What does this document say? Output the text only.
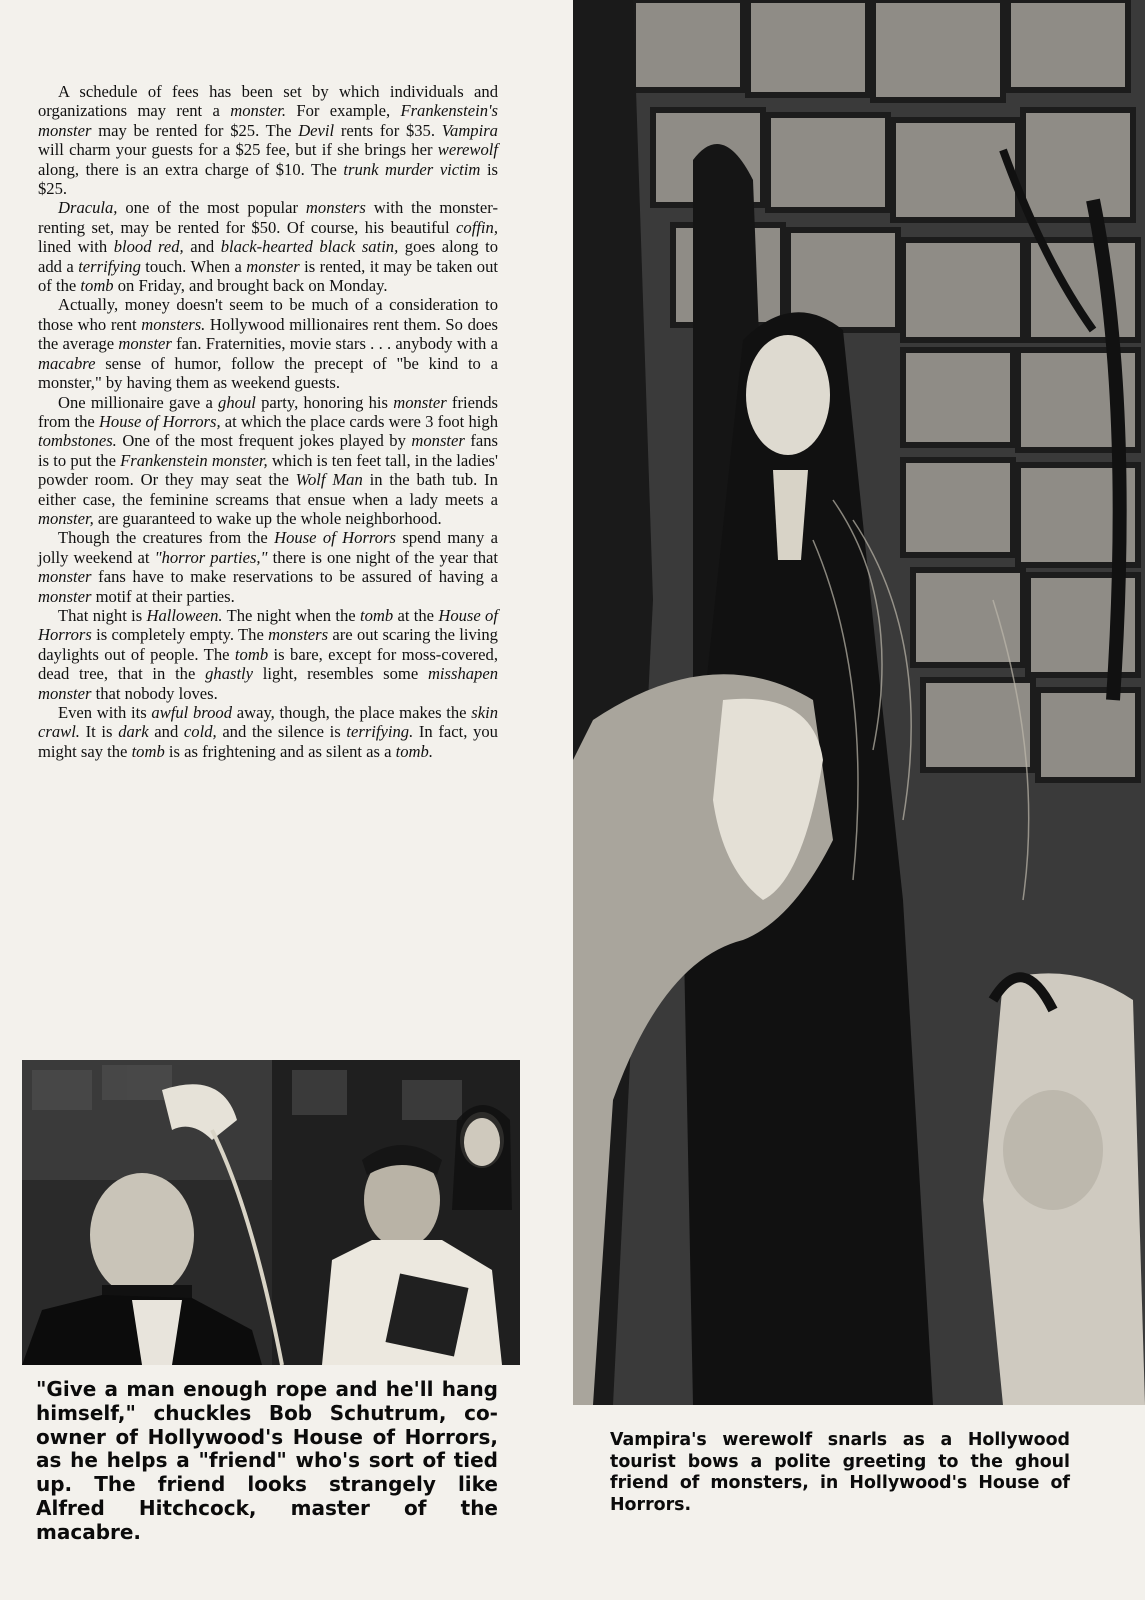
A schedule of fees has been set by which individuals and organizations may rent a monster. For example, Frankenstein's monster may be rented for $25. The Devil rents for $35. Vampira will charm your guests for a $25 fee, but if she brings her werewolf along, there is an extra charge of $10. The trunk murder victim is $25.

Dracula, one of the most popular monsters with the monster-renting set, may be rented for $50. Of course, his beautiful coffin, lined with blood red, and black-hearted black satin, goes along to add a terrifying touch. When a monster is rented, it may be taken out of the tomb on Friday, and brought back on Monday.

Actually, money doesn't seem to be much of a consideration to those who rent monsters. Hollywood millionaires rent them. So does the average monster fan. Fraternities, movie stars . . . anybody with a macabre sense of humor, follow the precept of "be kind to a monster," by having them as weekend guests.

One millionaire gave a ghoul party, honoring his monster friends from the House of Horrors, at which the place cards were 3 foot high tombstones. One of the most frequent jokes played by monster fans is to put the Frankenstein monster, which is ten feet tall, in the ladies' powder room. Or they may seat the Wolf Man in the bath tub. In either case, the feminine screams that ensue when a lady meets a monster, are guaranteed to wake up the whole neighborhood.

Though the creatures from the House of Horrors spend many a jolly weekend at "horror parties," there is one night of the year that monster fans have to make reservations to be assured of having a monster motif at their parties.

That night is Halloween. The night when the tomb at the House of Horrors is completely empty. The monsters are out scaring the living daylights out of people. The tomb is bare, except for moss-covered, dead tree, that in the ghastly light, resembles some misshapen monster that nobody loves.

Even with its awful brood away, though, the place makes the skin crawl. It is dark and cold, and the silence is terrifying. In fact, you might say the tomb is as frightening and as silent as a tomb.

"Give a man enough rope and he'll hang himself," chuckles Bob Schutrum, co-owner of Hollywood's House of Horrors, as he helps a "friend" who's sort of tied up. The friend looks strangely like Alfred Hitchcock, master of the macabre.
Vampira's werewolf snarls as a Hollywood tourist bows a polite greeting to the ghoul friend of monsters, in Hollywood's House of Horrors.
